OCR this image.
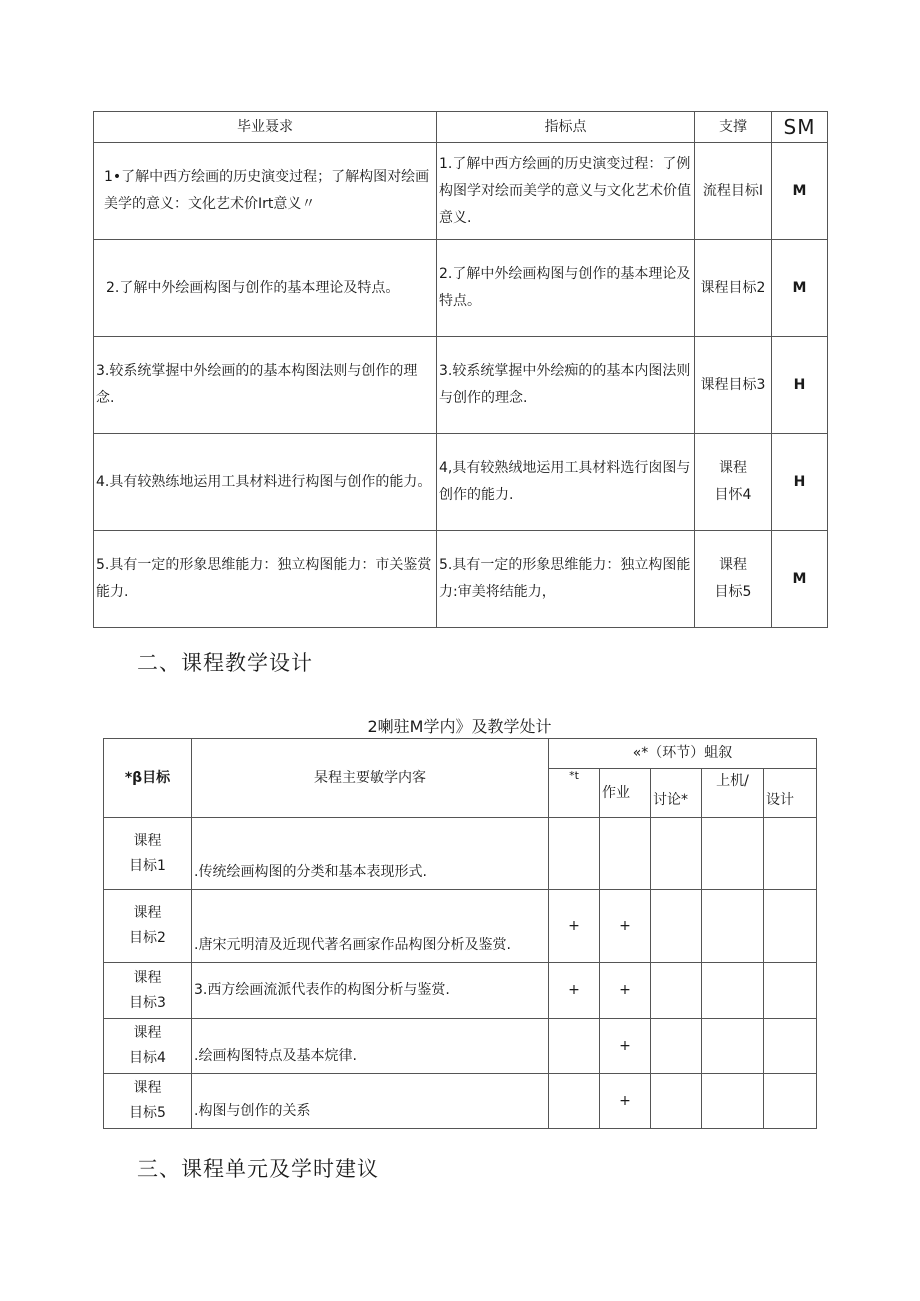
毕业聂求	指标点	支撑	SM
1•了解中西方绘画的历史演变过程；了解构图对绘画美学的意义：文化艺术价Irt意义〃	1.了解中西方绘画的历史演变过程：了例构图学对绘而美学的意义与文化艺术价值意义.	流程目标I	M
2.了解中外绘画构图与创作的基本理论及特点。	2.了解中外绘画构图与创作的基本理论及特点。	课程目标2	M
3.较系统掌握中外绘画的的基本构图法则与创作的理念.	3.较系统掌握中外绘痴的的基本内图法则与创作的理念.	课程目标3	H
4.具有较熟练地运用工具材料进行构图与创作的能力。	4,具有较熟绒地运用工具材料选行囱图与创作的能力.	课程
目怀4	H
5.具有一定的形象思维能力：独立构图能力：市关鉴赏能力.	5.具有一定的形象思维能力：独立构图能力:审美将结能力，	课程
目标5	M
二、课程教学设计
2喇驻M学内》及教学处计
*β目标	杲程主要敏学内客	«*（环节）蛆叙				
		*t	作业	讨论*	上机/	设计

课程
目标1	.传统绘画构图的分类和基本表现形式.					

课程
目标2	.唐宋元明清及近现代著名画家作品构图分析及鉴赏.	+	+			

课程
目标3	3.西方绘画流派代表作的构图分析与鉴赏.	+	+			

课程
目标4	.绘画构图特点及基本烷律.		+			

课程
目标5	.构图与创作的关系		+			
三、课程单元及学时建议
